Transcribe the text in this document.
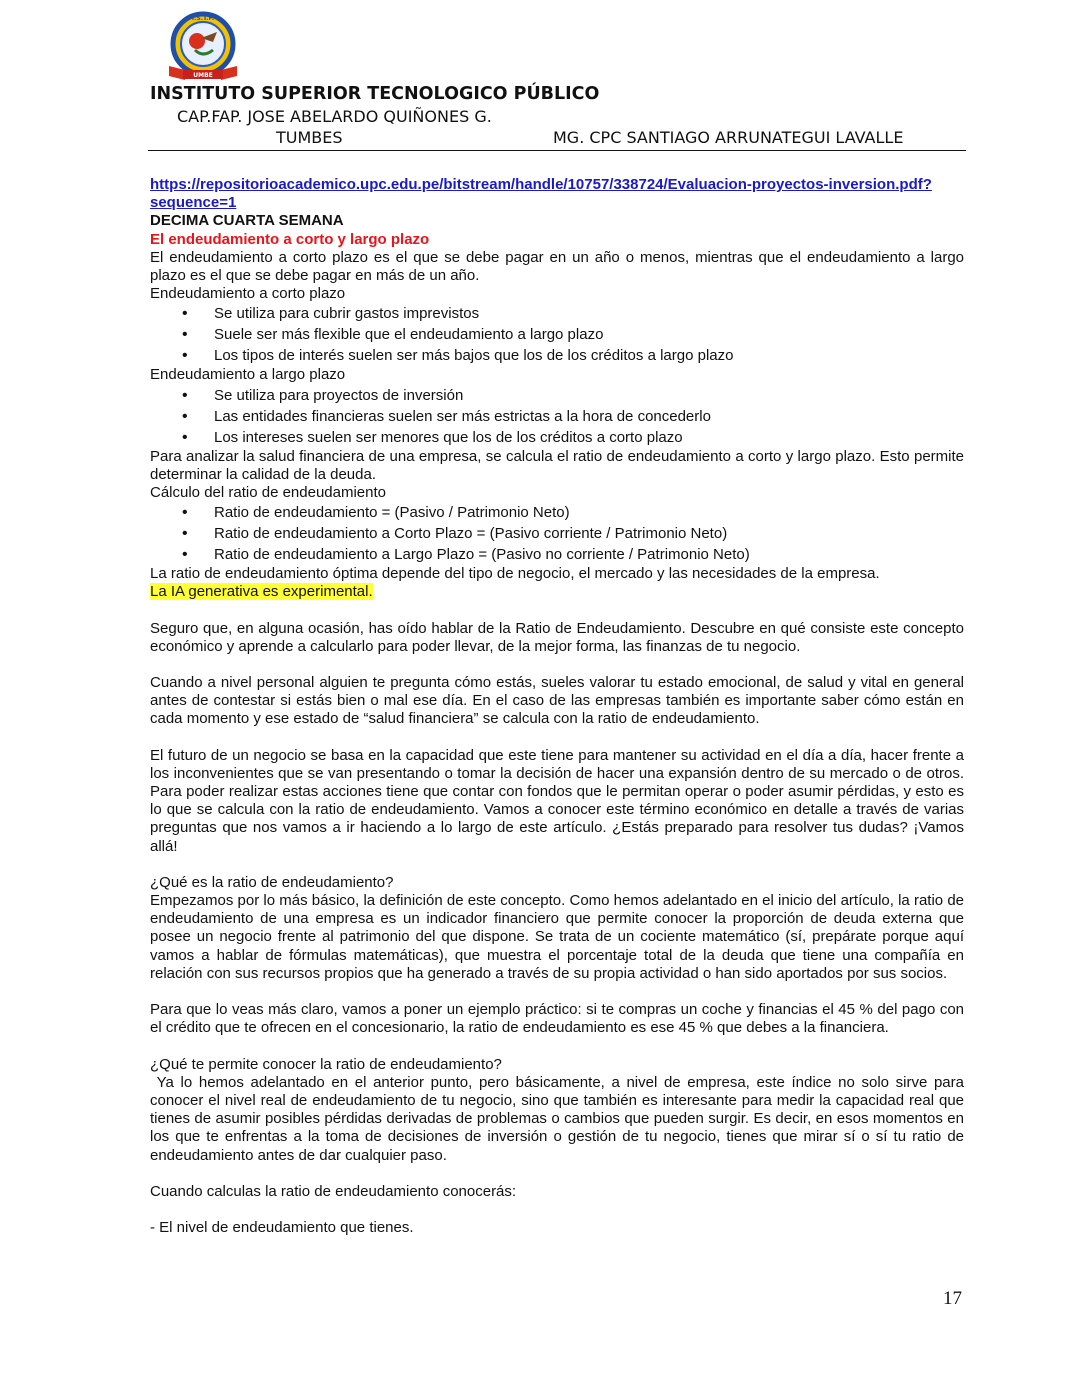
I.S.T.P.
UMBE
INSTITUTO SUPERIOR TECNOLOGICO PÚBLICO
CAP.FAP. JOSE ABELARDO QUIÑONES G.
TUMBES	MG. CPC SANTIAGO ARRUNATEGUI LAVALLE

https://repositorioacademico.upc.edu.pe/bitstream/handle/10757/338724/Evaluacion-proyectos-inversion.pdf?sequence=1

DECIMA CUARTA SEMANA

El endeudamiento a corto y largo plazo

El endeudamiento a corto plazo es el que se debe pagar en un año o menos, mientras que el endeudamiento a largo plazo es el que se debe pagar en más de un año.

Endeudamiento a corto plazo

• Se utiliza para cubrir gastos imprevistos
• Suele ser más flexible que el endeudamiento a largo plazo
• Los tipos de interés suelen ser más bajos que los de los créditos a largo plazo

Endeudamiento a largo plazo

• Se utiliza para proyectos de inversión
• Las entidades financieras suelen ser más estrictas a la hora de concederlo
• Los intereses suelen ser menores que los de los créditos a corto plazo

Para analizar la salud financiera de una empresa, se calcula el ratio de endeudamiento a corto y largo plazo. Esto permite determinar la calidad de la deuda.

Cálculo del ratio de endeudamiento

• Ratio de endeudamiento = (Pasivo / Patrimonio Neto)
• Ratio de endeudamiento a Corto Plazo = (Pasivo corriente / Patrimonio Neto)
• Ratio de endeudamiento a Largo Plazo = (Pasivo no corriente / Patrimonio Neto)

La ratio de endeudamiento óptima depende del tipo de negocio, el mercado y las necesidades de la empresa.

La IA generativa es experimental.

Seguro que, en alguna ocasión, has oído hablar de la Ratio de Endeudamiento. Descubre en qué consiste este concepto económico y aprende a calcularlo para poder llevar, de la mejor forma, las finanzas de tu negocio.

Cuando a nivel personal alguien te pregunta cómo estás, sueles valorar tu estado emocional, de salud y vital en general antes de contestar si estás bien o mal ese día. En el caso de las empresas también es importante saber cómo están en cada momento y ese estado de “salud financiera” se calcula con la ratio de endeudamiento.

El futuro de un negocio se basa en la capacidad que este tiene para mantener su actividad en el día a día, hacer frente a los inconvenientes que se van presentando o tomar la decisión de hacer una expansión dentro de su mercado o de otros. Para poder realizar estas acciones tiene que contar con fondos que le permitan operar o poder asumir pérdidas, y esto es lo que se calcula con la ratio de endeudamiento. Vamos a conocer este término económico en detalle a través de varias preguntas que nos vamos a ir haciendo a lo largo de este artículo. ¿Estás preparado para resolver tus dudas? ¡Vamos allá!

¿Qué es la ratio de endeudamiento?

Empezamos por lo más básico, la definición de este concepto. Como hemos adelantado en el inicio del artículo, la ratio de endeudamiento de una empresa es un indicador financiero que permite conocer la proporción de deuda externa que posee un negocio frente al patrimonio del que dispone. Se trata de un cociente matemático (sí, prepárate porque aquí vamos a hablar de fórmulas matemáticas), que muestra el porcentaje total de la deuda que tiene una compañía en relación con sus recursos propios que ha generado a través de su propia actividad o han sido aportados por sus socios.

Para que lo veas más claro, vamos a poner un ejemplo práctico: si te compras un coche y financias el 45 % del pago con el crédito que te ofrecen en el concesionario, la ratio de endeudamiento es ese 45 % que debes a la financiera.

¿Qué te permite conocer la ratio de endeudamiento?

Ya lo hemos adelantado en el anterior punto, pero básicamente, a nivel de empresa, este índice no solo sirve para conocer el nivel real de endeudamiento de tu negocio, sino que también es interesante para medir la capacidad real que tienes de asumir posibles pérdidas derivadas de problemas o cambios que pueden surgir. Es decir, en esos momentos en los que te enfrentas a la toma de decisiones de inversión o gestión de tu negocio, tienes que mirar sí o sí tu ratio de endeudamiento antes de dar cualquier paso.

Cuando calculas la ratio de endeudamiento conocerás:

- El nivel de endeudamiento que tienes.

17
